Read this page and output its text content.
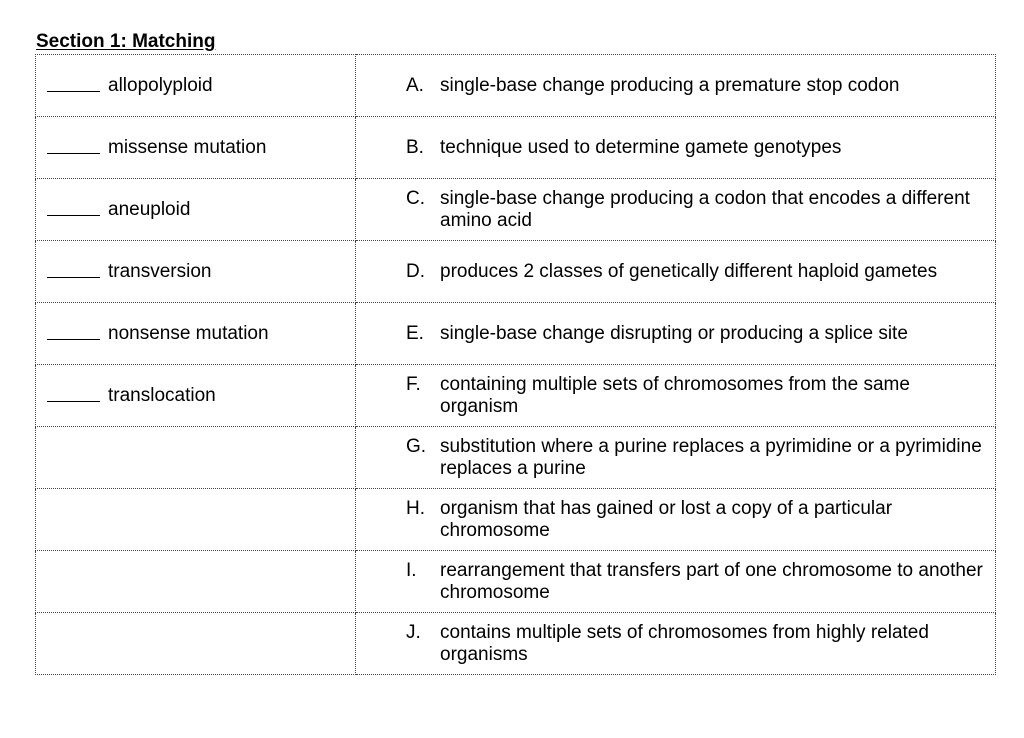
Section 1: Matching
allopolyploid	A. single-base change producing a premature stop codon

missense mutation	B. technique used to determine gamete genotypes

aneuploid	C. single-base change producing a codon that encodes a different amino acid

transversion	D. produces 2 classes of genetically different haploid gametes

nonsense mutation	E. single-base change disrupting or producing a splice site

translocation	F. containing multiple sets of chromosomes from the same organism

	G. substitution where a purine replaces a pyrimidine or a pyrimidine replaces a purine

	H. organism that has gained or lost a copy of a particular chromosome

	I. rearrangement that transfers part of one chromosome to another chromosome

	J. contains multiple sets of chromosomes from highly related organisms
